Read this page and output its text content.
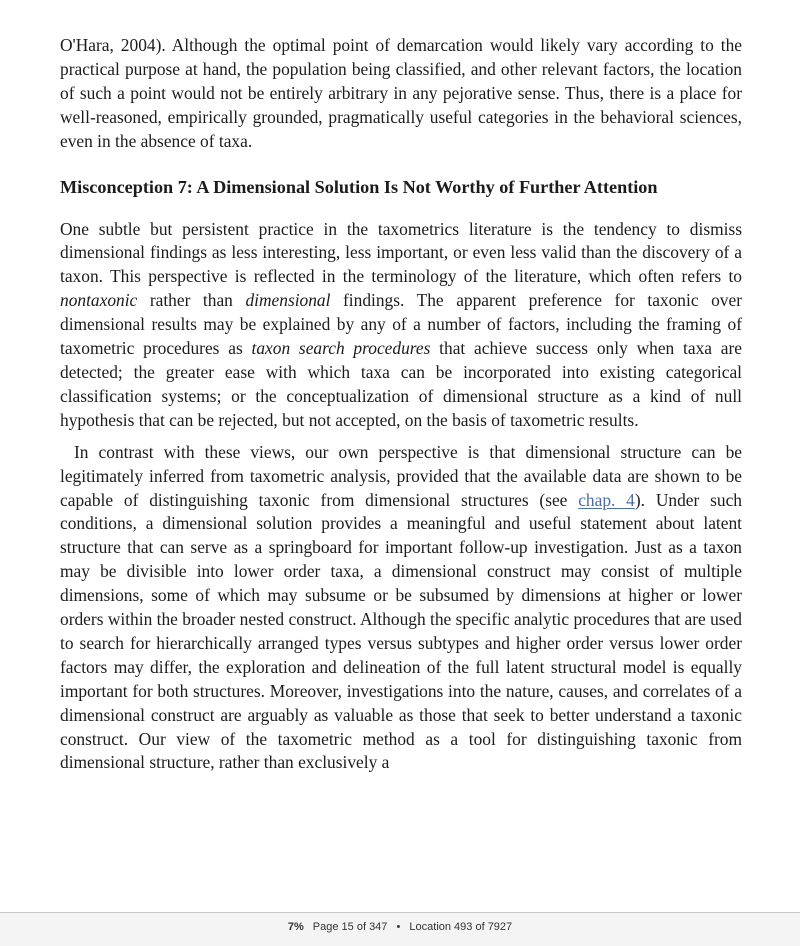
O'Hara, 2004). Although the optimal point of demarcation would likely vary according to the practical purpose at hand, the population being classified, and other relevant factors, the location of such a point would not be entirely arbitrary in any pejorative sense. Thus, there is a place for well-reasoned, empirically grounded, pragmatically useful categories in the behavioral sciences, even in the absence of taxa.

Misconception 7: A Dimensional Solution Is Not Worthy of Further Attention

One subtle but persistent practice in the taxometrics literature is the tendency to dismiss dimensional findings as less interesting, less important, or even less valid than the discovery of a taxon. This perspective is reflected in the terminology of the literature, which often refers to nontaxonic rather than dimensional findings. The apparent preference for taxonic over dimensional results may be explained by any of a number of factors, including the framing of taxometric procedures as taxon search procedures that achieve success only when taxa are detected; the greater ease with which taxa can be incorporated into existing categorical classification systems; or the conceptualization of dimensional structure as a kind of null hypothesis that can be rejected, but not accepted, on the basis of taxometric results.

In contrast with these views, our own perspective is that dimensional structure can be legitimately inferred from taxometric analysis, provided that the available data are shown to be capable of distinguishing taxonic from dimensional structures (see chap. 4). Under such conditions, a dimensional solution provides a meaningful and useful statement about latent structure that can serve as a springboard for important follow-up investigation. Just as a taxon may be divisible into lower order taxa, a dimensional construct may consist of multiple dimensions, some of which may subsume or be subsumed by dimensions at higher or lower orders within the broader nested construct. Although the specific analytic procedures that are used to search for hierarchically arranged types versus subtypes and higher order versus lower order factors may differ, the exploration and delineation of the full latent structural model is equally important for both structures. Moreover, investigations into the nature, causes, and correlates of a dimensional construct are arguably as valuable as those that seek to better understand a taxonic construct. Our view of the taxometric method as a tool for distinguishing taxonic from dimensional structure, rather than exclusively a

7% Page 15 of 347 • Location 493 of 7927
